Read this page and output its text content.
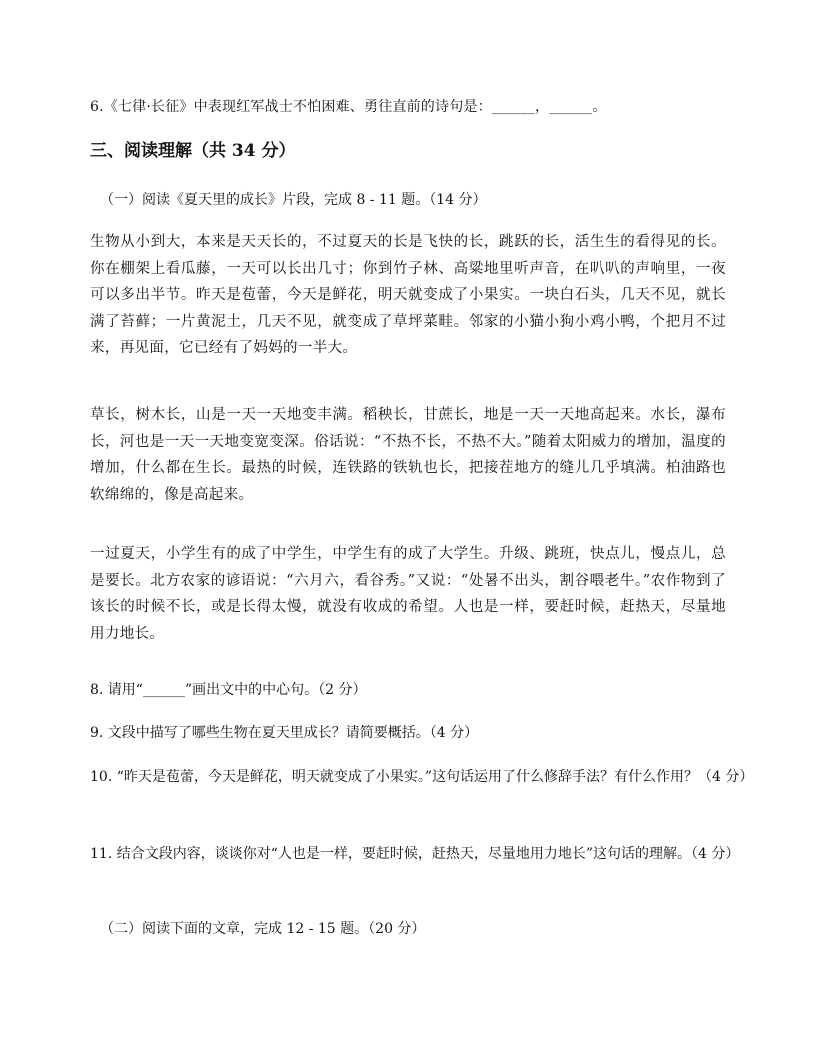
6.《七律·长征》中表现红军战士不怕困难、勇往直前的诗句是：______，______。
三、阅读理解（共 34 分）
（一）阅读《夏天里的成长》片段，完成 8 - 11 题。（14 分）
生物从小到大，本来是天天长的，不过夏天的长是飞快的长，跳跃的长，活生生的看得见的长。你在棚架上看瓜藤，一天可以长出几寸；你到竹子林、高粱地里听声音，在叭叭的声响里，一夜可以多出半节。昨天是苞蕾，今天是鲜花，明天就变成了小果实。一块白石头，几天不见，就长满了苔藓；一片黄泥土，几天不见，就变成了草坪菜畦。邻家的小猫小狗小鸡小鸭，个把月不过来，再见面，它已经有了妈妈的一半大。
草长，树木长，山是一天一天地变丰满。稻秧长，甘蔗长，地是一天一天地高起来。水长，瀑布长，河也是一天一天地变宽变深。俗话说：“不热不长，不热不大。”随着太阳威力的增加，温度的增加，什么都在生长。最热的时候，连铁路的铁轨也长，把接茬地方的缝儿几乎填满。柏油路也软绵绵的，像是高起来。
一过夏天，小学生有的成了中学生，中学生有的成了大学生。升级、跳班，快点儿，慢点儿，总是要长。北方农家的谚语说：“六月六，看谷秀。”又说：“处暑不出头，割谷喂老牛。”农作物到了该长的时候不长，或是长得太慢，就没有收成的希望。人也是一样，要赶时候，赶热天，尽量地用力地长。
8. 请用“______”画出文中的中心句。（2 分）
9. 文段中描写了哪些生物在夏天里成长？请简要概括。（4 分）
10. “昨天是苞蕾，今天是鲜花，明天就变成了小果实。”这句话运用了什么修辞手法？有什么作用？（4 分）
11. 结合文段内容，谈谈你对“人也是一样，要赶时候，赶热天，尽量地用力地长”这句话的理解。（4 分）
（二）阅读下面的文章，完成 12 - 15 题。（20 分）
